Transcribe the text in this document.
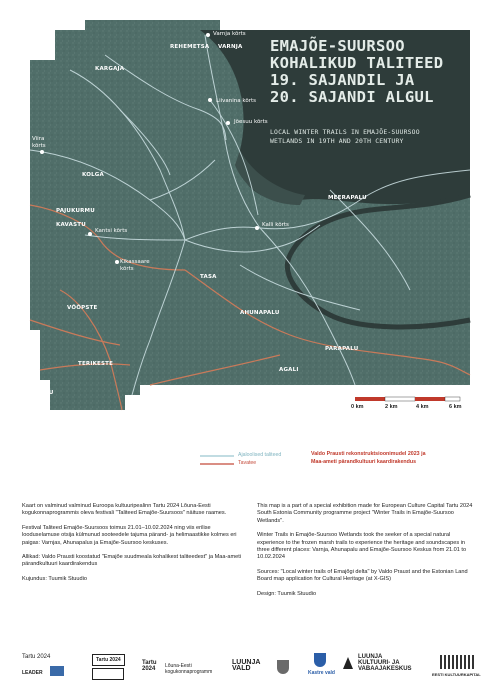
EMAJÕE-SUURSOO
KOHALIKUD TALITEED
19. SAJANDIL JA
20. SAJANDI ALGUL
LOCAL WINTER TRAILS IN EMAJÕE-SUURSOO
WETLANDS IN 19TH AND 20TH CENTURY
REHEMETSA VARNJA
KARGAJA
KOLGA
PAJUKURMU
KAVASTU
TASA
MEERAPALU
AHUNAPALU
PARAPALU
AGALI
VÕÕPSTE
TERIKESTE
VÕNNU
LÄÄNISTE
Varnja kõrts
Liivanina kõrts
Jõesuu kõrts
Viira kõrts
Kantsi kõrts
Kalli kõrts
Kikassaare kõrts
0 km	2 km	4 km	6 km
Ajaloolised taliteed
Tavatee
Valdo Prausti rekonstruktsioonimudel 2023 ja
Maa-ameti pärandkultuuri kaardirakendus

Kaart on valminud valminud Euroopa kultuuripealinn Tartu 2024 Lõuna-Eesti kogukonnaprogrammis oleva festivali "Taliteed Emajõe-Suursoos" näituse raames.

Festival Taliteed Emajõe-Suursoos toimus 21.01–10.02.2024 ning viis erilise looduselamuse otsija külmunud sooteedele tajuma pärand- ja helimaastikke kolmes eri paigas: Varnjas, Ahunapalus ja Emajõe-Suursoo keskuses.

Allikad: Valdo Prausti koostatud "Emajõe suudmeala kohalikest taliteedest" ja Maa-ameti pärandkultuuri kaardirakendus

Kujundus: Tuumik Stuudio

This map is a part of a special exhibition made for European Culture Capital Tartu 2024 South Estonia Community programme project "Winter Trails in Emajõe-Suursoo Wetlands".

Winter Trails in Emajõe-Suursoo Wetlands took the seeker of a special natural experience to the frozen marsh trails to experience the heritage and soundscapes in three different places: Varnja, Ahunapalu and Emajõe-Suursoo Keskus from 21.01 to 10.02.2024

Sources: "Local winter trails of Emajõgi delta" by Valdo Praust and the Estonian Land Board map application for Cultural Heritage (at X-GIS)

Design: Tuumik Stuudio

Tartu 2024
LEADER
Tartu 2024	Tartu
2024 Lõuna-Eesti kogukonnaprogramm
LUUNJA VALD
Kastre vald
LUUNJA
KULTUURI- JA
VABAAJAKESKUS
EESTI KULTUURKAPITAL
